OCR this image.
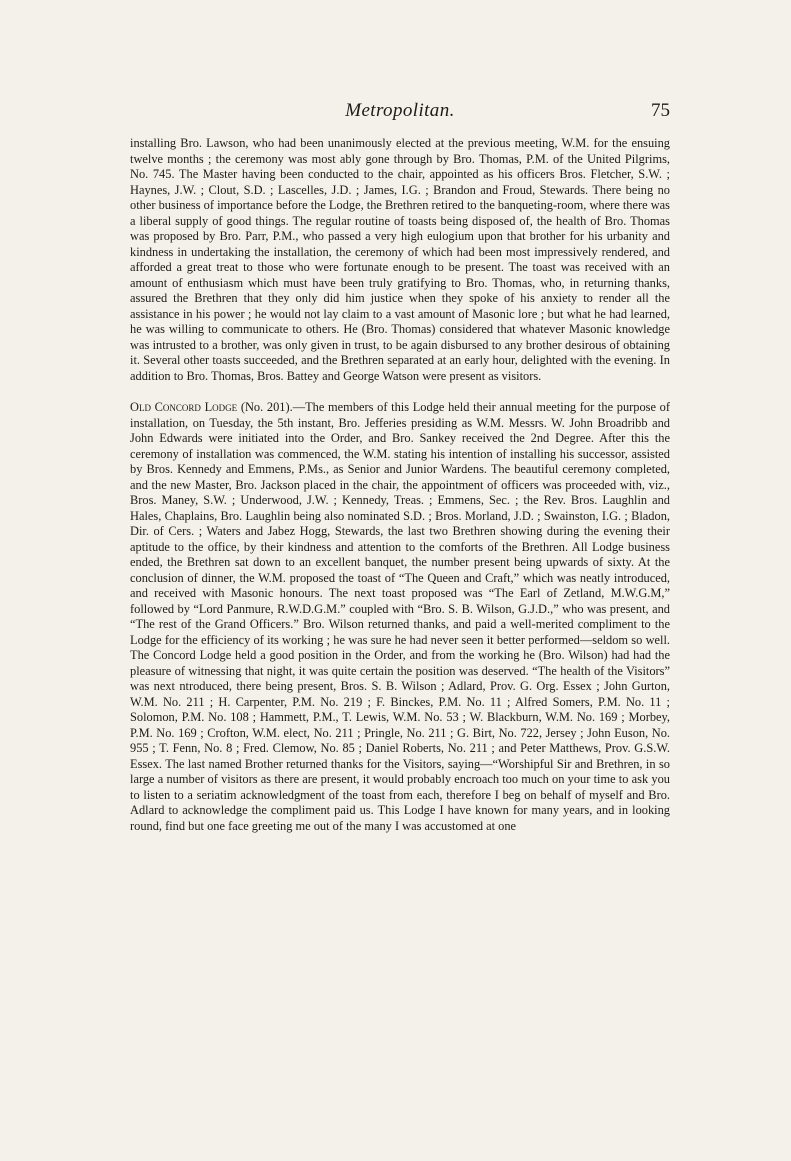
Metropolitan.	75

installing Bro. Lawson, who had been unanimously elected at the previous meeting, W.M. for the ensuing twelve months ; the ceremony was most ably gone through by Bro. Thomas, P.M. of the United Pilgrims, No. 745. The Master having been conducted to the chair, appointed as his officers Bros. Fletcher, S.W. ; Haynes, J.W. ; Clout, S.D. ; Lascelles, J.D. ; James, I.G. ; Brandon and Froud, Stewards. There being no other business of importance before the Lodge, the Brethren retired to the banqueting-room, where there was a liberal supply of good things. The regular routine of toasts being disposed of, the health of Bro. Thomas was proposed by Bro. Parr, P.M., who passed a very high eulogium upon that brother for his urbanity and kindness in undertaking the installation, the ceremony of which had been most impressively rendered, and afforded a great treat to those who were fortunate enough to be present. The toast was received with an amount of enthusiasm which must have been truly gratifying to Bro. Thomas, who, in returning thanks, assured the Brethren that they only did him justice when they spoke of his anxiety to render all the assistance in his power ; he would not lay claim to a vast amount of Masonic lore ; but what he had learned, he was willing to communicate to others. He (Bro. Thomas) considered that whatever Masonic knowledge was intrusted to a brother, was only given in trust, to be again disbursed to any brother desirous of obtaining it. Several other toasts succeeded, and the Brethren separated at an early hour, delighted with the evening. In addition to Bro. Thomas, Bros. Battey and George Watson were present as visitors.

Old Concord Lodge (No. 201).—The members of this Lodge held their annual meeting for the purpose of installation, on Tuesday, the 5th instant, Bro. Jefferies presiding as W.M. Messrs. W. John Broadribb and John Edwards were initiated into the Order, and Bro. Sankey received the 2nd Degree. After this the ceremony of installation was commenced, the W.M. stating his intention of installing his successor, assisted by Bros. Kennedy and Emmens, P.Ms., as Senior and Junior Wardens. The beautiful ceremony completed, and the new Master, Bro. Jackson placed in the chair, the appointment of officers was proceeded with, viz., Bros. Maney, S.W. ; Underwood, J.W. ; Kennedy, Treas. ; Emmens, Sec. ; the Rev. Bros. Laughlin and Hales, Chaplains, Bro. Laughlin being also nominated S.D. ; Bros. Morland, J.D. ; Swainston, I.G. ; Bladon, Dir. of Cers. ; Waters and Jabez Hogg, Stewards, the last two Brethren showing during the evening their aptitude to the office, by their kindness and attention to the comforts of the Brethren. All Lodge business ended, the Brethren sat down to an excellent banquet, the number present being upwards of sixty. At the conclusion of dinner, the W.M. proposed the toast of “The Queen and Craft,” which was neatly introduced, and received with Masonic honours. The next toast proposed was “The Earl of Zetland, M.W.G.M,” followed by “Lord Panmure, R.W.D.G.M.” coupled with “Bro. S. B. Wilson, G.J.D.,” who was present, and “The rest of the Grand Officers.” Bro. Wilson returned thanks, and paid a well-merited compliment to the Lodge for the efficiency of its working ; he was sure he had never seen it better performed—seldom so well. The Concord Lodge held a good position in the Order, and from the working he (Bro. Wilson) had had the pleasure of witnessing that night, it was quite certain the position was deserved. “The health of the Visitors” was next ntroduced, there being present, Bros. S. B. Wilson ; Adlard, Prov. G. Org. Essex ; John Gurton, W.M. No. 211 ; H. Carpenter, P.M. No. 219 ; F. Binckes, P.M. No. 11 ; Alfred Somers, P.M. No. 11 ; Solomon, P.M. No. 108 ; Hammett, P.M., T. Lewis, W.M. No. 53 ; W. Blackburn, W.M. No. 169 ; Morbey, P.M. No. 169 ; Crofton, W.M. elect, No. 211 ; Pringle, No. 211 ; G. Birt, No. 722, Jersey ; John Euson, No. 955 ; T. Fenn, No. 8 ; Fred. Clemow, No. 85 ; Daniel Roberts, No. 211 ; and Peter Matthews, Prov. G.S.W. Essex. The last named Brother returned thanks for the Visitors, saying—“Worshipful Sir and Brethren, in so large a number of visitors as there are present, it would probably encroach too much on your time to ask you to listen to a seriatim acknowledgment of the toast from each, therefore I beg on behalf of myself and Bro. Adlard to acknowledge the compliment paid us. This Lodge I have known for many years, and in looking round, find but one face greeting me out of the many I was accustomed at one
